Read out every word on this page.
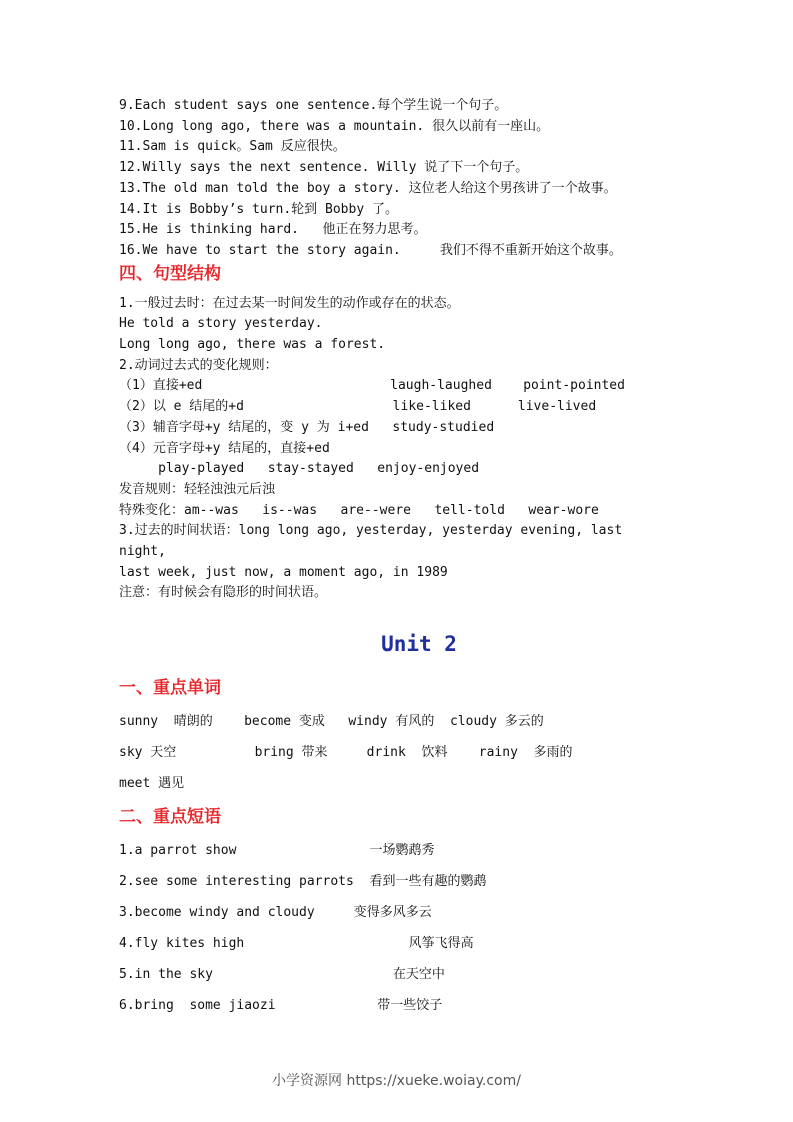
9.Each student says one sentence.每个学生说一个句子。

10.Long long ago, there was a mountain. 很久以前有一座山。

11.Sam is quick。Sam 反应很快。

12.Willy says the next sentence. Willy 说了下一个句子。

13.The old man told the boy a story. 这位老人给这个男孩讲了一个故事。

14.It is Bobby’s turn.轮到 Bobby 了。

15.He is thinking hard.   他正在努力思考。

16.We have to start the story again.     我们不得不重新开始这个故事。

四、句型结构

1.一般过去时：在过去某一时间发生的动作或存在的状态。

He told a story yesterday.

Long long ago, there was a forest.

2.动词过去式的变化规则：

（1）直接+ed                        laugh-laughed    point-pointed

（2）以 e 结尾的+d                   like-liked      live-lived

（3）辅音字母+y 结尾的，变 y 为 i+ed   study-studied

（4）元音字母+y 结尾的，直接+ed

play-played   stay-stayed   enjoy-enjoyed

发音规则：轻轻浊浊元后浊

特殊变化：am--was   is--was   are--were   tell-told   wear-wore

3.过去的时间状语：long long ago, yesterday, yesterday evening, last

night,

last week, just now, a moment ago, in 1989

注意：有时候会有隐形的时间状语。

Unit 2
一、重点单词

sunny  晴朗的    become 变成   windy 有风的  cloudy 多云的

sky 天空          bring 带来     drink  饮料    rainy  多雨的

meet 遇见

二、重点短语

1.a parrot show                 一场鹦鹉秀

2.see some interesting parrots  看到一些有趣的鹦鹉

3.become windy and cloudy     变得多风多云

4.fly kites high                     风筝飞得高

5.in the sky                       在天空中

6.bring  some jiaozi             带一些饺子

小学资源网 https://xueke.woiay.com/
